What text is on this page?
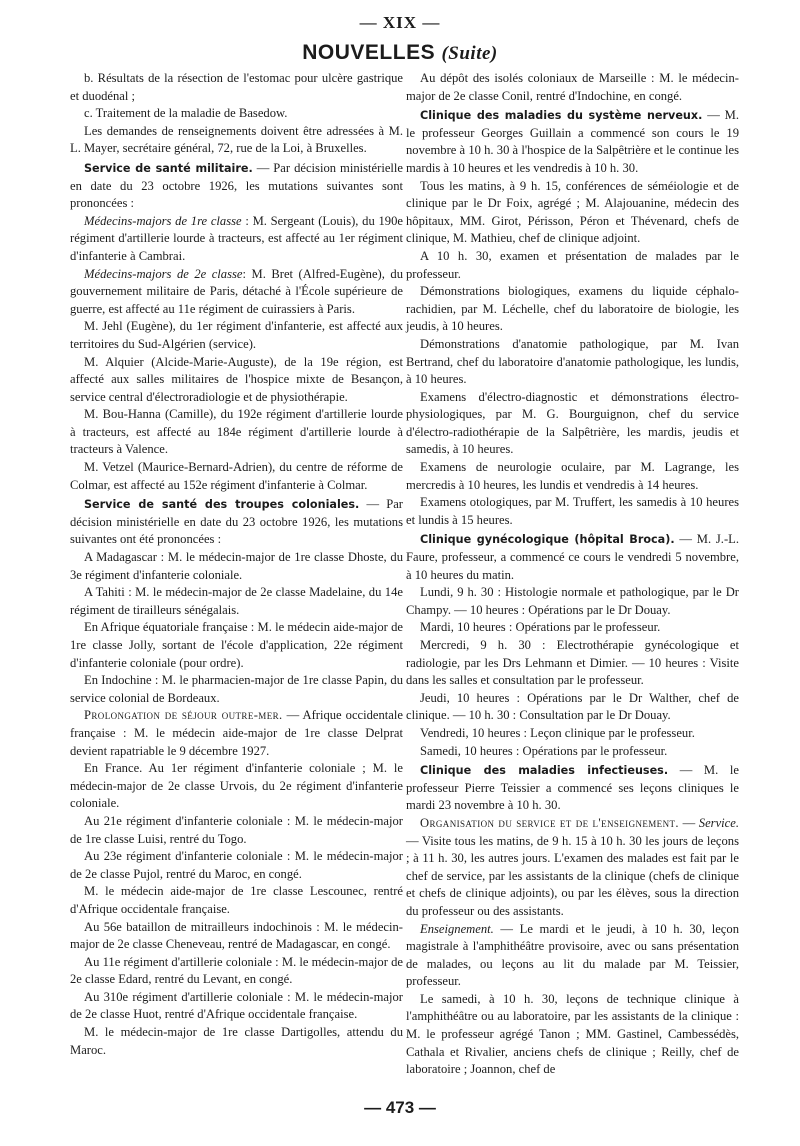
— XIX —
NOUVELLES (Suite)

b. Résultats de la résection de l'estomac pour ulcère gastrique et duodénal ;

c. Traitement de la maladie de Basedow.

Les demandes de renseignements doivent être adressées à M. L. Mayer, secrétaire général, 72, rue de la Loi, à Bruxelles.

Service de santé militaire. — Par décision ministérielle en date du 23 octobre 1926, les mutations suivantes sont prononcées :

Médecins-majors de 1re classe : M. Sergeant (Louis), du 190e régiment d'artillerie lourde à tracteurs, est affecté au 1er régiment d'infanterie à Cambrai.

Médecins-majors de 2e classe: M. Bret (Alfred-Eugène), du gouvernement militaire de Paris, détaché à l'École supérieure de guerre, est affecté au 11e régiment de cuirassiers à Paris.

M. Jehl (Eugène), du 1er régiment d'infanterie, est affecté aux territoires du Sud-Algérien (service).

M. Alquier (Alcide-Marie-Auguste), de la 19e région, est affecté aux salles militaires de l'hospice mixte de Besançon, service central d'électroradiologie et de physiothérapie.

M. Bou-Hanna (Camille), du 192e régiment d'artillerie lourde à tracteurs, est affecté au 184e régiment d'artillerie lourde à tracteurs à Valence.

M. Vetzel (Maurice-Bernard-Adrien), du centre de réforme de Colmar, est affecté au 152e régiment d'infanterie à Colmar.

Service de santé des troupes coloniales. — Par décision ministérielle en date du 23 octobre 1926, les mutations suivantes ont été prononcées :

A Madagascar : M. le médecin-major de 1re classe Dhoste, du 3e régiment d'infanterie coloniale.

A Tahiti : M. le médecin-major de 2e classe Madelaine, du 14e régiment de tirailleurs sénégalais.

En Afrique équatoriale française : M. le médecin aide-major de 1re classe Jolly, sortant de l'école d'application, 22e régiment d'infanterie coloniale (pour ordre).

En Indochine : M. le pharmacien-major de 1re classe Papin, du service colonial de Bordeaux.

Prolongation de séjour outre-mer. — Afrique occidentale française : M. le médecin aide-major de 1re classe Delprat devient rapatriable le 9 décembre 1927.

En France. Au 1er régiment d'infanterie coloniale ; M. le médecin-major de 2e classe Urvois, du 2e régiment d'infanterie coloniale.

Au 21e régiment d'infanterie coloniale : M. le médecin-major de 1re classe Luisi, rentré du Togo.

Au 23e régiment d'infanterie coloniale : M. le médecin-major de 2e classe Pujol, rentré du Maroc, en congé.

M. le médecin aide-major de 1re classe Lescounec, rentré d'Afrique occidentale française.

Au 56e bataillon de mitrailleurs indochinois : M. le médecin-major de 2e classe Cheneveau, rentré de Madagascar, en congé.

Au 11e régiment d'artillerie coloniale : M. le médecin-major de 2e classe Edard, rentré du Levant, en congé.

Au 310e régiment d'artillerie coloniale : M. le médecin-major de 2e classe Huot, rentré d'Afrique occidentale française.

M. le médecin-major de 1re classe Dartigolles, attendu du Maroc.

Au dépôt des isolés coloniaux de Marseille : M. le médecin-major de 2e classe Conil, rentré d'Indochine, en congé.

Clinique des maladies du système nerveux. — M. le professeur Georges Guillain a commencé son cours le 19 novembre à 10 h. 30 à l'hospice de la Salpêtrière et le continue les mardis à 10 heures et les vendredis à 10 h. 30.

Tous les matins, à 9 h. 15, conférences de séméiologie et de clinique par le Dr Foix, agrégé ; M. Alajouanine, médecin des hôpitaux, MM. Girot, Périsson, Péron et Thévenard, chefs de clinique, M. Mathieu, chef de clinique adjoint.

A 10 h. 30, examen et présentation de malades par le professeur.

Démonstrations biologiques, examens du liquide céphalo-rachidien, par M. Léchelle, chef du laboratoire de biologie, les jeudis, à 10 heures.

Démonstrations d'anatomie pathologique, par M. Ivan Bertrand, chef du laboratoire d'anatomie pathologique, les lundis, à 10 heures.

Examens d'électro-diagnostic et démonstrations électro-physiologiques, par M. G. Bourguignon, chef du service d'électro-radiothérapie de la Salpêtrière, les mardis, jeudis et samedis, à 10 heures.

Examens de neurologie oculaire, par M. Lagrange, les mercredis à 10 heures, les lundis et vendredis à 14 heures.

Examens otologiques, par M. Truffert, les samedis à 10 heures et lundis à 15 heures.

Clinique gynécologique (hôpital Broca). — M. J.-L. Faure, professeur, a commencé ce cours le vendredi 5 novembre, à 10 heures du matin.

Lundi, 9 h. 30 : Histologie normale et pathologique, par le Dr Champy. — 10 heures : Opérations par le Dr Douay.

Mardi, 10 heures : Opérations par le professeur.

Mercredi, 9 h. 30 : Electrothérapie gynécologique et radiologie, par les Drs Lehmann et Dimier. — 10 heures : Visite dans les salles et consultation par le professeur.

Jeudi, 10 heures : Opérations par le Dr Walther, chef de clinique. — 10 h. 30 : Consultation par le Dr Douay.

Vendredi, 10 heures : Leçon clinique par le professeur.

Samedi, 10 heures : Opérations par le professeur.

Clinique des maladies infectieuses. — M. le professeur Pierre Teissier a commencé ses leçons cliniques le mardi 23 novembre à 10 h. 30.

Organisation du service et de l'enseignement. — Service. — Visite tous les matins, de 9 h. 15 à 10 h. 30 les jours de leçons ; à 11 h. 30, les autres jours. L'examen des malades est fait par le chef de service, par les assistants de la clinique (chefs de clinique et chefs de clinique adjoints), ou par les élèves, sous la direction du professeur ou des assistants.

Enseignement. — Le mardi et le jeudi, à 10 h. 30, leçon magistrale à l'amphithéâtre provisoire, avec ou sans présentation de malades, ou leçons au lit du malade par M. Teissier, professeur.

Le samedi, à 10 h. 30, leçons de technique clinique à l'amphithéâtre ou au laboratoire, par les assistants de la clinique : M. le professeur agrégé Tanon ; MM. Gastinel, Cambessédès, Cathala et Rivalier, anciens chefs de clinique ; Reilly, chef de laboratoire ; Joannon, chef de

— 473 —
